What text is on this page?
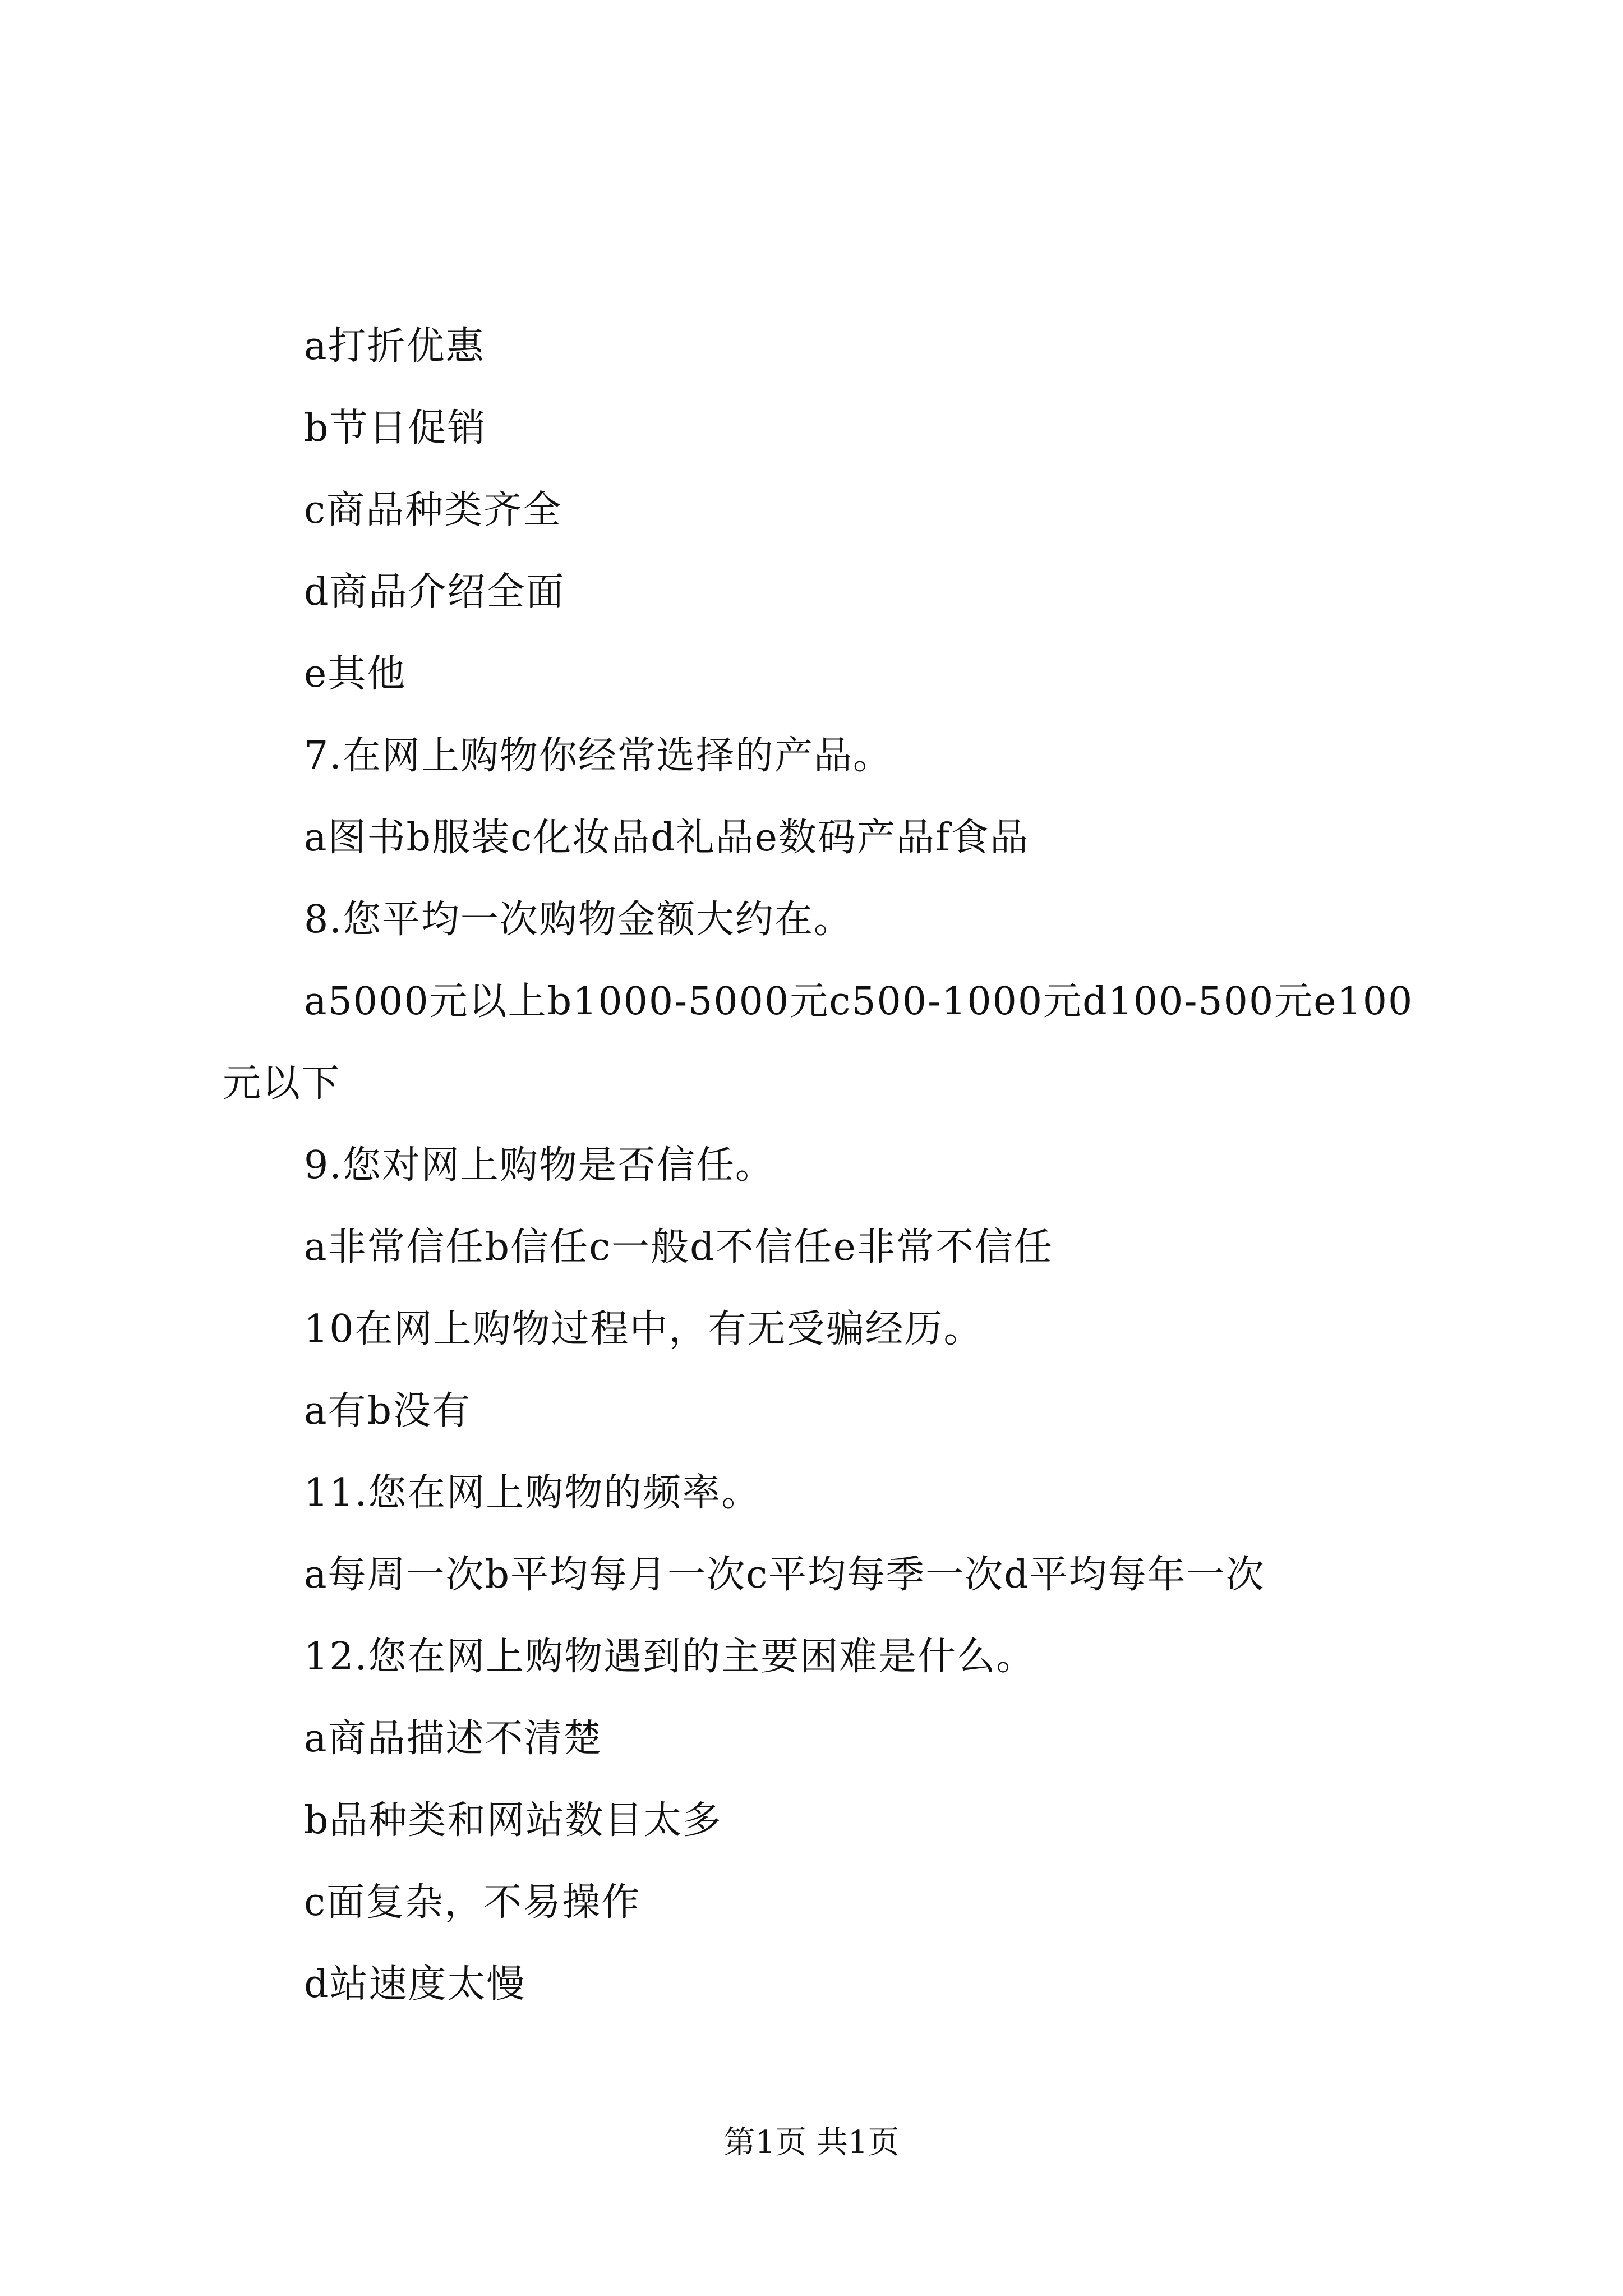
a打折优惠
b节日促销
c商品种类齐全
d商品介绍全面
e其他
7.在网上购物你经常选择的产品。
a图书b服装c化妆品d礼品e数码产品f食品
8.您平均一次购物金额大约在。
a5000元以上b1000-5000元c500-1000元d100-500元e100元以下
9.您对网上购物是否信任。
a非常信任b信任c一般d不信任e非常不信任
10在网上购物过程中，有无受骗经历。
a有b没有
11.您在网上购物的频率。
a每周一次b平均每月一次c平均每季一次d平均每年一次
12.您在网上购物遇到的主要困难是什么。
a商品描述不清楚
b品种类和网站数目太多
c面复杂，不易操作
d站速度太慢
第1页 共1页
